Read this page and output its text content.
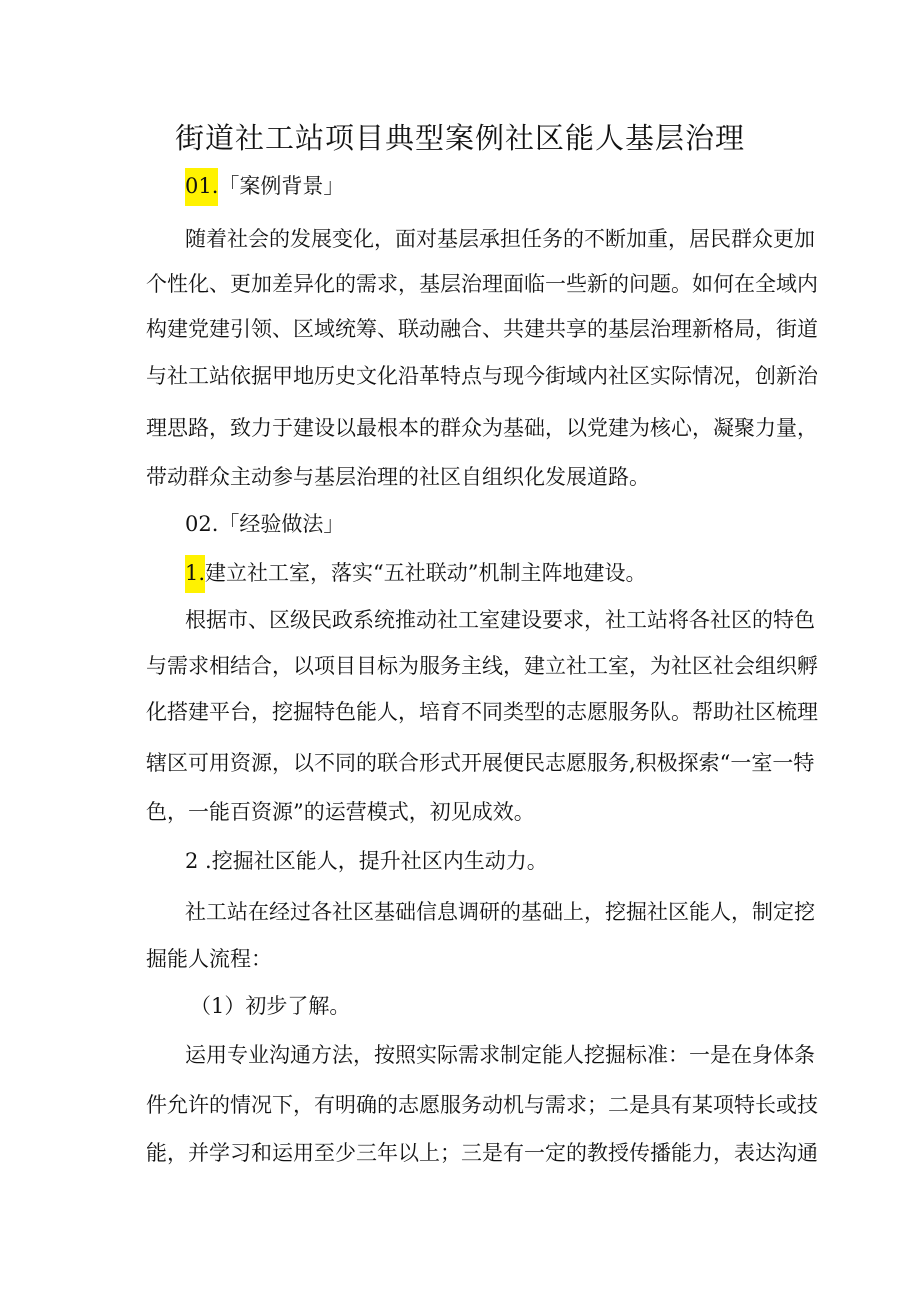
街道社工站项目典型案例社区能人基层治理
01.「案例背景」
随着社会的发展变化，面对基层承担任务的不断加重，居民群众更加
个性化、更加差异化的需求，基层治理面临一些新的问题。如何在全域内
构建党建引领、区域统筹、联动融合、共建共享的基层治理新格局，街道
与社工站依据甲地历史文化沿革特点与现今街域内社区实际情况，创新治
理思路，致力于建设以最根本的群众为基础，以党建为核心，凝聚力量，
带动群众主动参与基层治理的社区自组织化发展道路。
02.「经验做法」
1.建立社工室，落实“五社联动”机制主阵地建设。
根据市、区级民政系统推动社工室建设要求，社工站将各社区的特色
与需求相结合，以项目目标为服务主线，建立社工室，为社区社会组织孵
化搭建平台，挖掘特色能人，培育不同类型的志愿服务队。帮助社区梳理
辖区可用资源，以不同的联合形式开展便民志愿服务,积极探索“一室一特
色，一能百资源”的运营模式，初见成效。
2 .挖掘社区能人，提升社区内生动力。
社工站在经过各社区基础信息调研的基础上，挖掘社区能人，制定挖
掘能人流程：
（1）初步了解。
运用专业沟通方法，按照实际需求制定能人挖掘标准：一是在身体条
件允许的情况下，有明确的志愿服务动机与需求；二是具有某项特长或技
能，并学习和运用至少三年以上；三是有一定的教授传播能力，表达沟通
